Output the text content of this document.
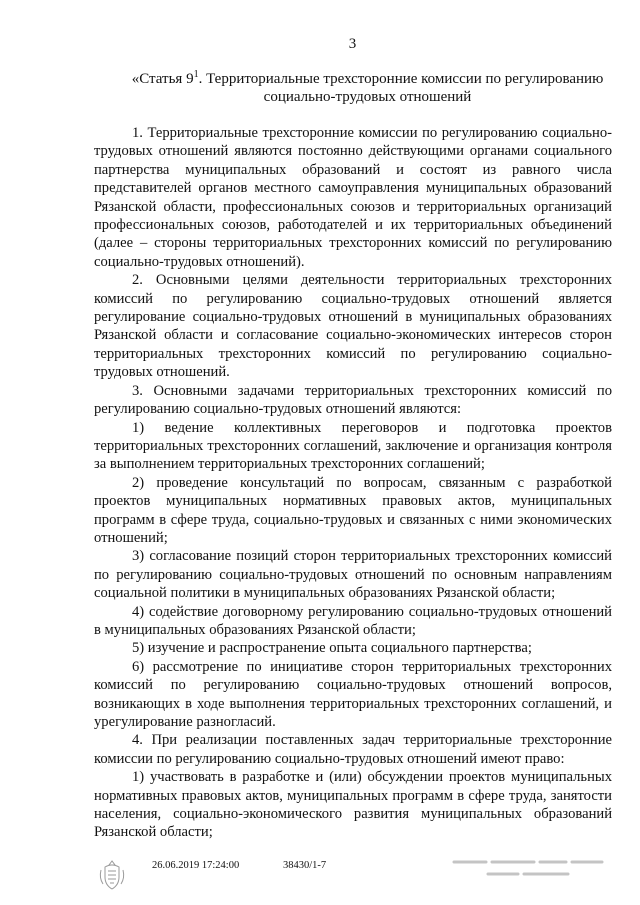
3
«Статья $9^1$. Территориальные трехсторонние комиссии по регулированию
социально-трудовых отношений

1. Территориальные трехсторонние комиссии по регулированию социально-трудовых отношений являются постоянно действующими органами социального партнерства муниципальных образований и состоят из равного числа представителей органов местного самоуправления муниципальных образований Рязанской области, профессиональных союзов и территориальных организаций профессиональных союзов, работодателей и их территориальных объединений (далее – стороны территориальных трехсторонних комиссий по регулированию социально-трудовых отношений).

2. Основными целями деятельности территориальных трехсторонних комиссий по регулированию социально-трудовых отношений является регулирование социально-трудовых отношений в муниципальных образованиях Рязанской области и согласование социально-экономических интересов сторон территориальных трехсторонних комиссий по регулированию социально-трудовых отношений.

3. Основными задачами территориальных трехсторонних комиссий по регулированию социально-трудовых отношений являются:

1) ведение коллективных переговоров и подготовка проектов территориальных трехсторонних соглашений, заключение и организация контроля за выполнением территориальных трехсторонних соглашений;

2) проведение консультаций по вопросам, связанным с разработкой проектов муниципальных нормативных правовых актов, муниципальных программ в сфере труда, социально-трудовых и связанных с ними экономических отношений;

3) согласование позиций сторон территориальных трехсторонних комиссий по регулированию социально-трудовых отношений по основным направлениям социальной политики в муниципальных образованиях Рязанской области;

4) содействие договорному регулированию социально-трудовых отношений в муниципальных образованиях Рязанской области;

5) изучение и распространение опыта социального партнерства;

6) рассмотрение по инициативе сторон территориальных трехсторонних комиссий по регулированию социально-трудовых отношений вопросов, возникающих в ходе выполнения территориальных трехсторонних соглашений, и урегулирование разногласий.

4. При реализации поставленных задач территориальные трехсторонние комиссии по регулированию социально-трудовых отношений имеют право:

1) участвовать в разработке и (или) обсуждении проектов муниципальных нормативных правовых актов, муниципальных программ в сфере труда, занятости населения, социально-экономического развития муниципальных образований Рязанской области;

26.06.2019 17:24:00	38430/1-7
